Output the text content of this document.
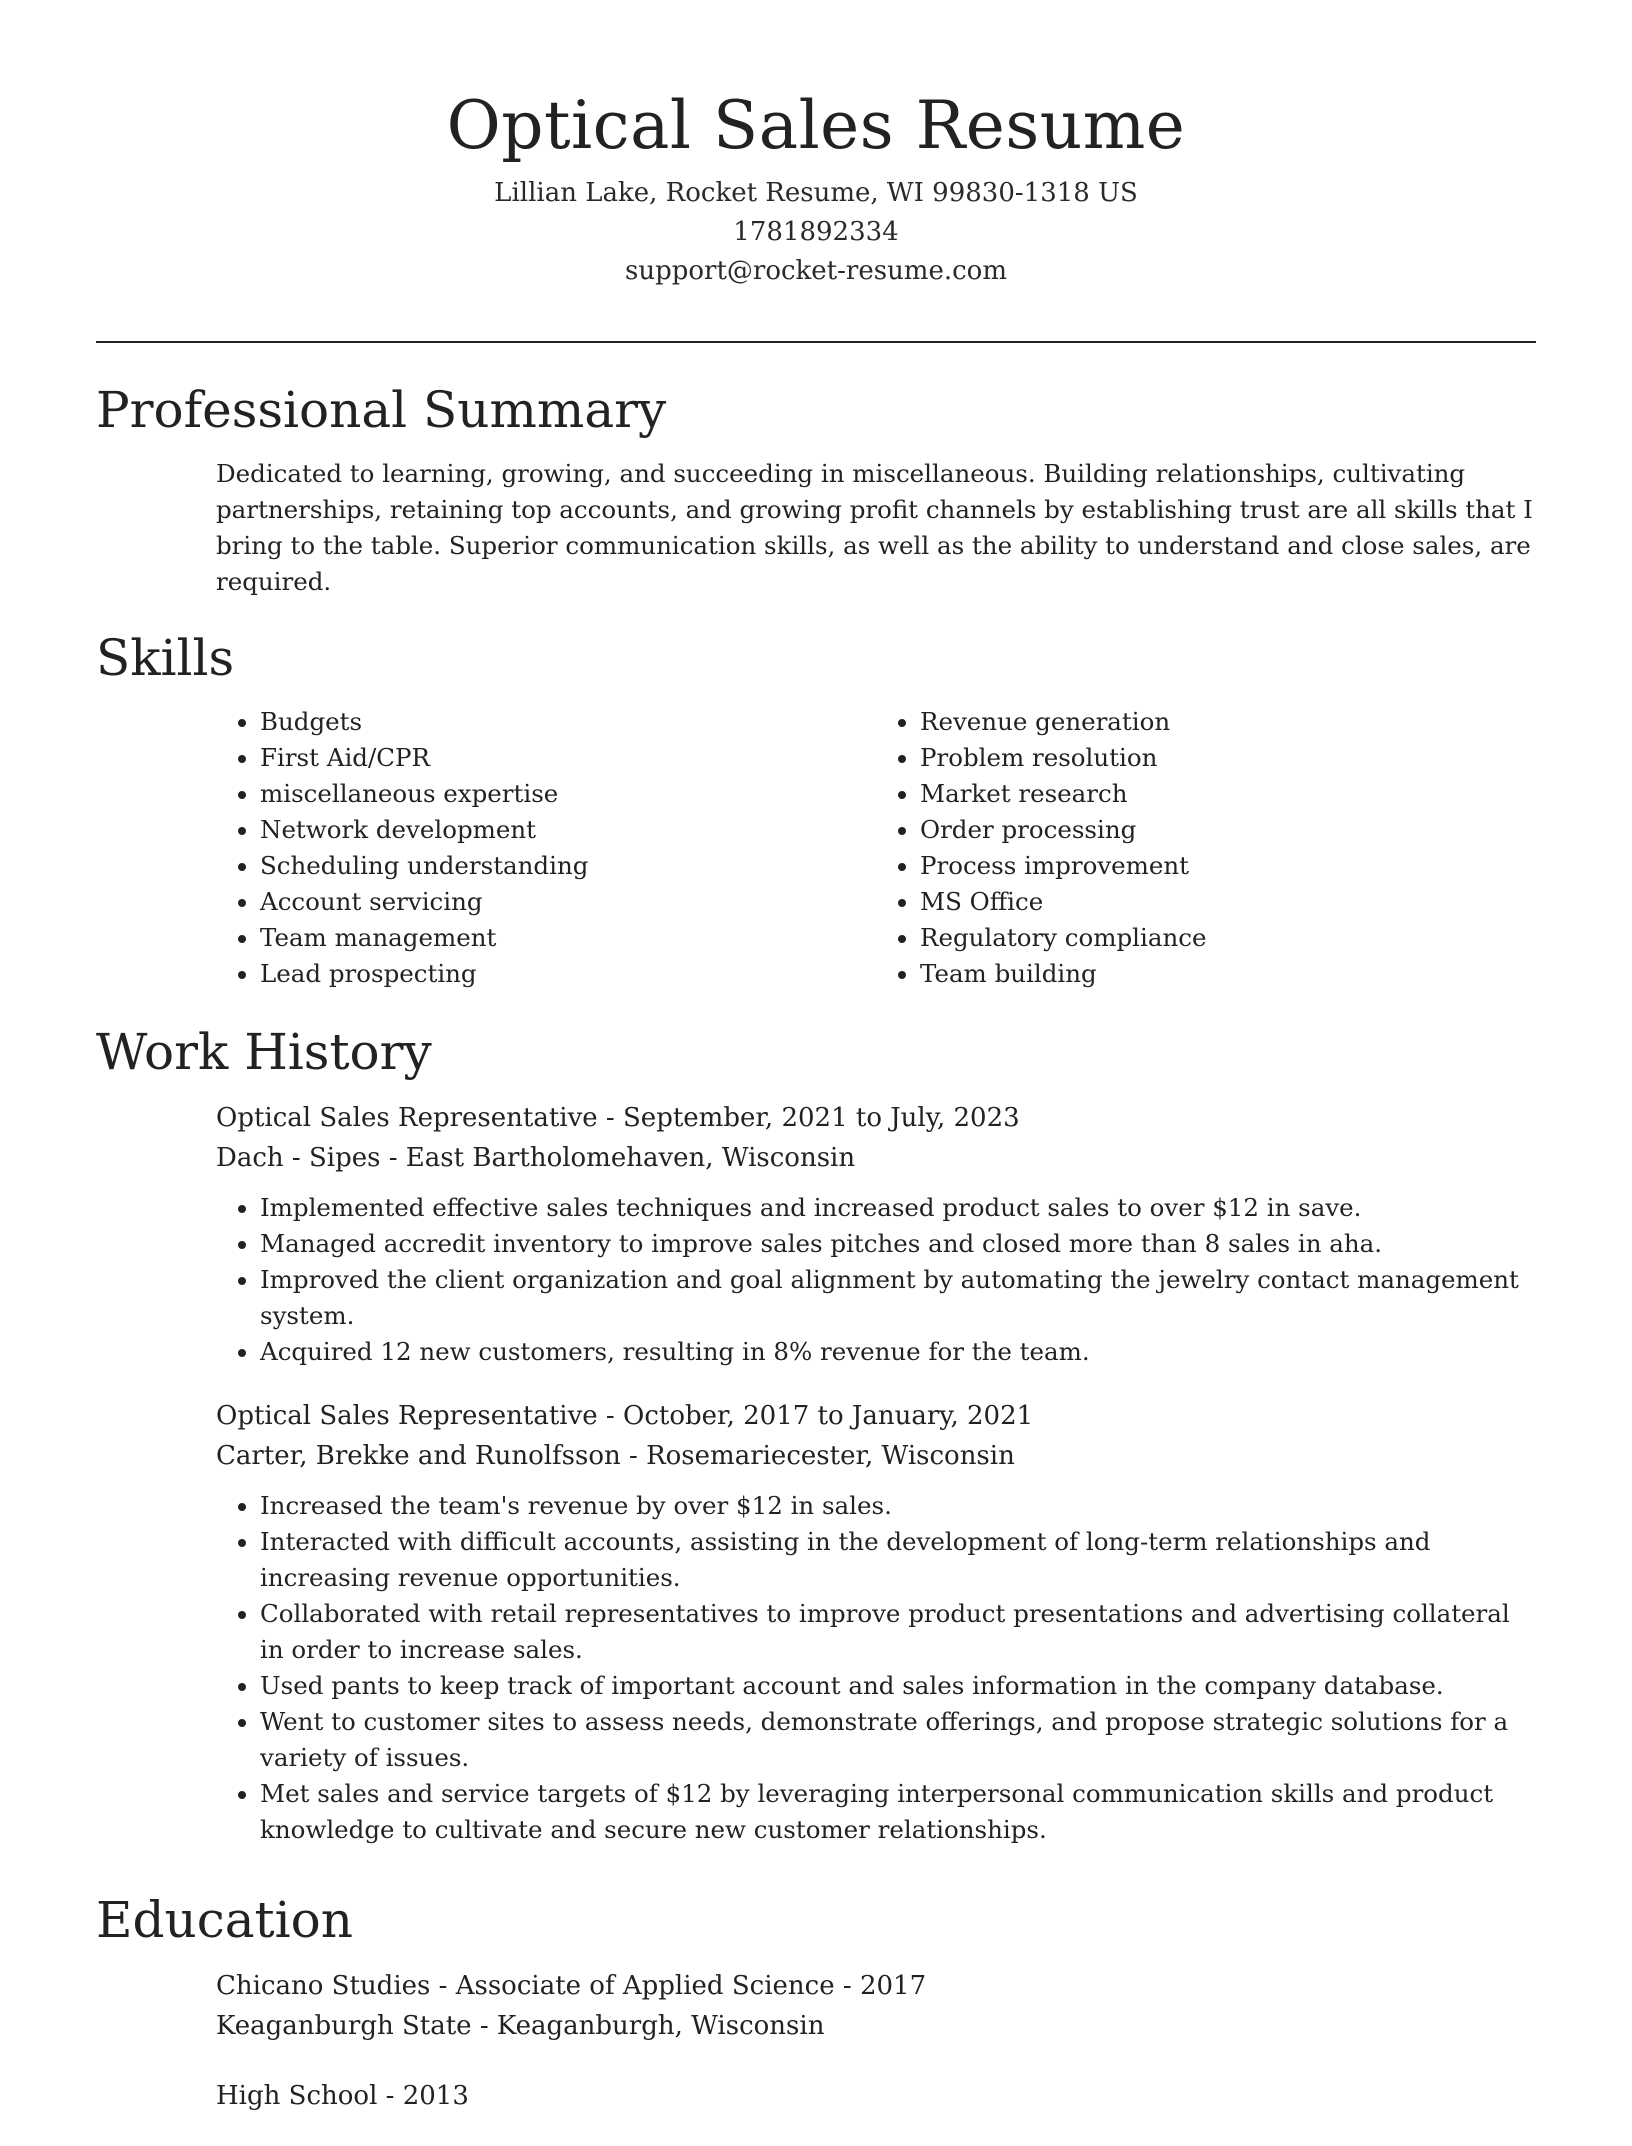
Optical Sales Resume
Lillian Lake, Rocket Resume, WI 99830-1318 US
1781892334
support@rocket-resume.com
Professional Summary
Dedicated to learning, growing, and succeeding in miscellaneous. Building relationships, cultivating partnerships, retaining top accounts, and growing profit channels by establishing trust are all skills that I bring to the table. Superior communication skills, as well as the ability to understand and close sales, are required.
Skills
• Budgets
• First Aid/CPR
• miscellaneous expertise
• Network development
• Scheduling understanding
• Account servicing
• Team management
• Lead prospecting
• Revenue generation
• Problem resolution
• Market research
• Order processing
• Process improvement
• MS Office
• Regulatory compliance
• Team building
Work History
Optical Sales Representative - September, 2021 to July, 2023
Dach - Sipes - East Bartholomehaven, Wisconsin
• Implemented effective sales techniques and increased product sales to over $12 in save.
• Managed accredit inventory to improve sales pitches and closed more than 8 sales in aha.
• Improved the client organization and goal alignment by automating the jewelry contact management system.
• Acquired 12 new customers, resulting in 8% revenue for the team.
Optical Sales Representative - October, 2017 to January, 2021
Carter, Brekke and Runolfsson - Rosemariecester, Wisconsin
• Increased the team's revenue by over $12 in sales.
• Interacted with difficult accounts, assisting in the development of long-term relationships and increasing revenue opportunities.
• Collaborated with retail representatives to improve product presentations and advertising collateral in order to increase sales.
• Used pants to keep track of important account and sales information in the company database.
• Went to customer sites to assess needs, demonstrate offerings, and propose strategic solutions for a variety of issues.
• Met sales and service targets of $12 by leveraging interpersonal communication skills and product knowledge to cultivate and secure new customer relationships.
Education
Chicano Studies - Associate of Applied Science - 2017
Keaganburgh State - Keaganburgh, Wisconsin
High School - 2013
